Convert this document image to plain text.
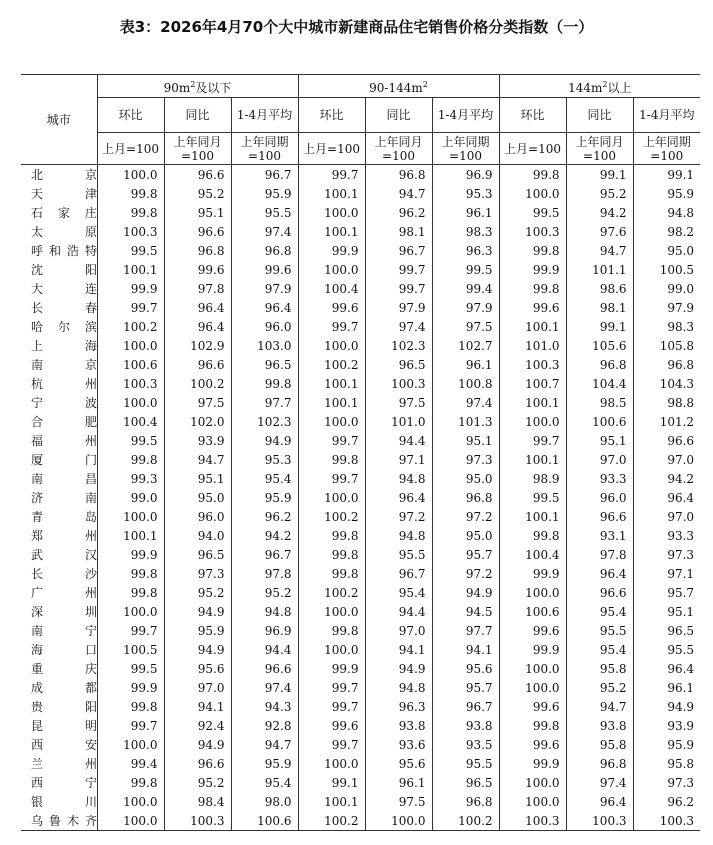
表3：2026年4月70个大中城市新建商品住宅销售价格分类指数（一）
城市	$90m^2$及以下			$90-144m^2$			$144m^2$以上		
	环比	同比	1-4月平均	环比	同比	1-4月平均	环比	同比	1-4月平均
	上月=100	上年同月=100	上年同期=100	上月=100	上年同月=100	上年同期=100	上月=100	上年同月=100	上年同期=100
北京	100.0	96.6	96.7	99.7	96.8	96.9	99.8	99.1	99.1
天津	99.8	95.2	95.9	100.1	94.7	95.3	100.0	95.2	95.9
石家庄	99.8	95.1	95.5	100.0	96.2	96.1	99.5	94.2	94.8
太原	100.3	96.6	97.4	100.1	98.1	98.3	100.3	97.6	98.2
呼和浩特	99.5	96.8	96.8	99.9	96.7	96.3	99.8	94.7	95.0
沈阳	100.1	99.6	99.6	100.0	99.7	99.5	99.9	101.1	100.5
大连	99.9	97.8	97.9	100.4	99.7	99.4	99.8	98.6	99.0
长春	99.7	96.4	96.4	99.6	97.9	97.9	99.6	98.1	97.9
哈尔滨	100.2	96.4	96.0	99.7	97.4	97.5	100.1	99.1	98.3
上海	100.0	102.9	103.0	100.0	102.3	102.7	101.0	105.6	105.8
南京	100.6	96.6	96.5	100.2	96.5	96.1	100.3	96.8	96.8
杭州	100.3	100.2	99.8	100.1	100.3	100.8	100.7	104.4	104.3
宁波	100.0	97.5	97.7	100.1	97.5	97.4	100.1	98.5	98.8
合肥	100.4	102.0	102.3	100.0	101.0	101.3	100.0	100.6	101.2
福州	99.5	93.9	94.9	99.7	94.4	95.1	99.7	95.1	96.6
厦门	99.8	94.7	95.3	99.8	97.1	97.3	100.1	97.0	97.0
南昌	99.3	95.1	95.4	99.7	94.8	95.0	98.9	93.3	94.2
济南	99.0	95.0	95.9	100.0	96.4	96.8	99.5	96.0	96.4
青岛	100.0	96.0	96.2	100.2	97.2	97.2	100.1	96.6	97.0
郑州	100.1	94.0	94.2	99.8	94.8	95.0	99.8	93.1	93.3
武汉	99.9	96.5	96.7	99.8	95.5	95.7	100.4	97.8	97.3
长沙	99.8	97.3	97.8	99.8	96.7	97.2	99.9	96.4	97.1
广州	99.8	95.2	95.2	100.2	95.4	94.9	100.0	96.6	95.7
深圳	100.0	94.9	94.8	100.0	94.4	94.5	100.6	95.4	95.1
南宁	99.7	95.9	96.9	99.8	97.0	97.7	99.6	95.5	96.5
海口	100.5	94.9	94.4	100.0	94.1	94.1	99.9	95.4	95.5
重庆	99.5	95.6	96.6	99.9	94.9	95.6	100.0	95.8	96.4
成都	99.9	97.0	97.4	99.7	94.8	95.7	100.0	95.2	96.1
贵阳	99.8	94.1	94.3	99.7	96.3	96.7	99.6	94.7	94.9
昆明	99.7	92.4	92.8	99.6	93.8	93.8	99.8	93.8	93.9
西安	100.0	94.9	94.7	99.7	93.6	93.5	99.6	95.8	95.9
兰州	99.4	96.6	95.9	100.0	95.6	95.5	99.9	96.8	95.8
西宁	99.8	95.2	95.4	99.1	96.1	96.5	100.0	97.4	97.3
银川	100.0	98.4	98.0	100.1	97.5	96.8	100.0	96.4	96.2
乌鲁木齐	100.0	100.3	100.6	100.2	100.0	100.2	100.3	100.3	100.3
